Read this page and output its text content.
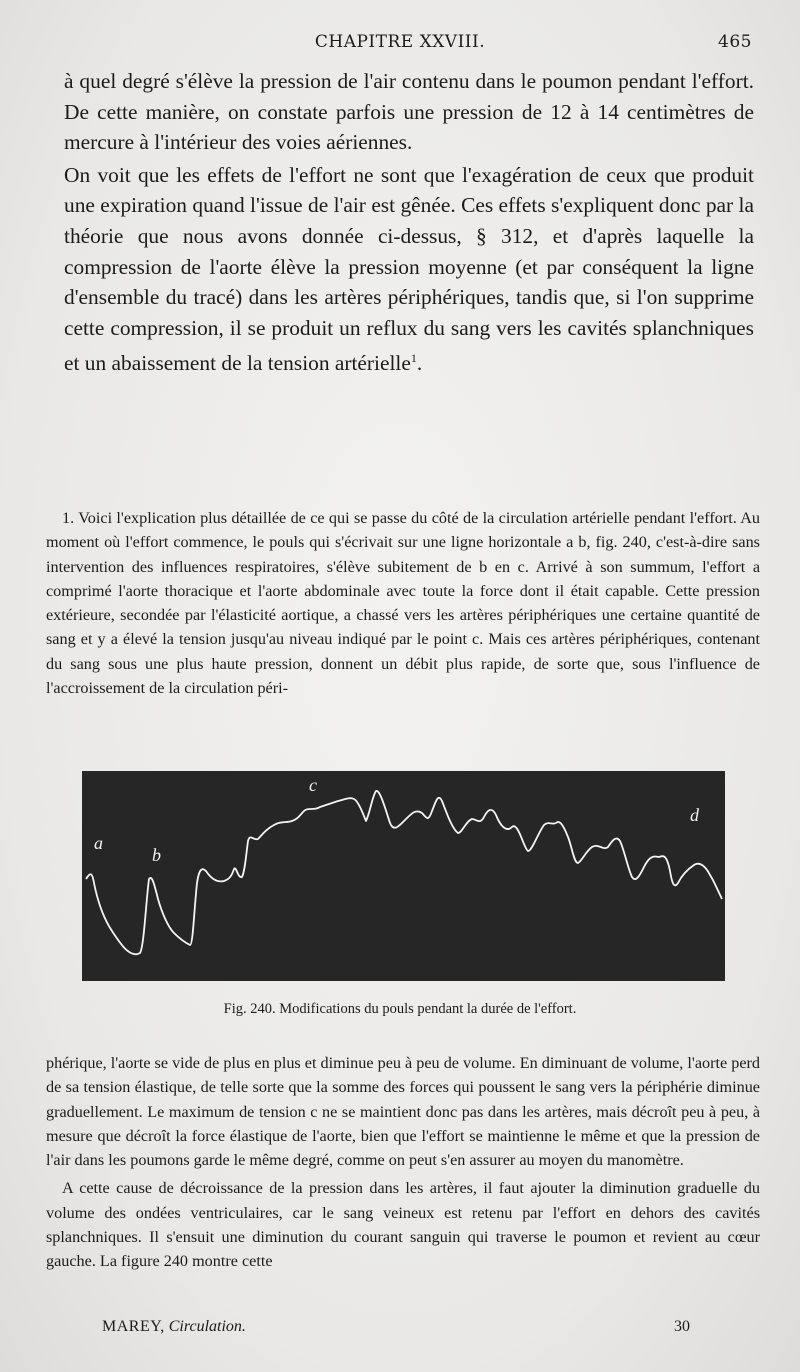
CHAPITRE XXVIII.	465

à quel degré s'élève la pression de l'air contenu dans le poumon pendant l'effort. De cette manière, on constate parfois une pression de 12 à 14 centimètres de mercure à l'intérieur des voies aériennes.

On voit que les effets de l'effort ne sont que l'exagération de ceux que produit une expiration quand l'issue de l'air est gênée. Ces effets s'expliquent donc par la théorie que nous avons donnée ci-dessus, § 312, et d'après laquelle la compression de l'aorte élève la pression moyenne (et par conséquent la ligne d'ensemble du tracé) dans les artères périphériques, tandis que, si l'on supprime cette compression, il se produit un reflux du sang vers les cavités splanchniques et un abaissement de la tension artérielle$^1$.

1. Voici l'explication plus détaillée de ce qui se passe du côté de la circulation artérielle pendant l'effort. Au moment où l'effort commence, le pouls qui s'écrivait sur une ligne horizontale a b, fig. 240, c'est-à-dire sans intervention des influences respiratoires, s'élève subitement de b en c. Arrivé à son summum, l'effort a comprimé l'aorte thoracique et l'aorte abdominale avec toute la force dont il était capable. Cette pression extérieure, secondée par l'élasticité aortique, a chassé vers les artères périphériques une certaine quantité de sang et y a élevé la tension jusqu'au niveau indiqué par le point c. Mais ces artères périphériques, contenant du sang sous une plus haute pression, donnent un débit plus rapide, de sorte que, sous l'influence de l'accroissement de la circulation péri-

a
b
c
d
Fig. 240. Modifications du pouls pendant la durée de l'effort.

phérique, l'aorte se vide de plus en plus et diminue peu à peu de volume. En diminuant de volume, l'aorte perd de sa tension élastique, de telle sorte que la somme des forces qui poussent le sang vers la périphérie diminue graduellement. Le maximum de tension c ne se maintient donc pas dans les artères, mais décroît peu à peu, à mesure que décroît la force élastique de l'aorte, bien que l'effort se maintienne le même et que la pression de l'air dans les poumons garde le même degré, comme on peut s'en assurer au moyen du manomètre.

A cette cause de décroissance de la pression dans les artères, il faut ajouter la diminution graduelle du volume des ondées ventriculaires, car le sang veineux est retenu par l'effort en dehors des cavités splanchniques. Il s'ensuit une diminution du courant sanguin qui traverse le poumon et revient au cœur gauche. La figure 240 montre cette

MAREY, Circulation.	30
